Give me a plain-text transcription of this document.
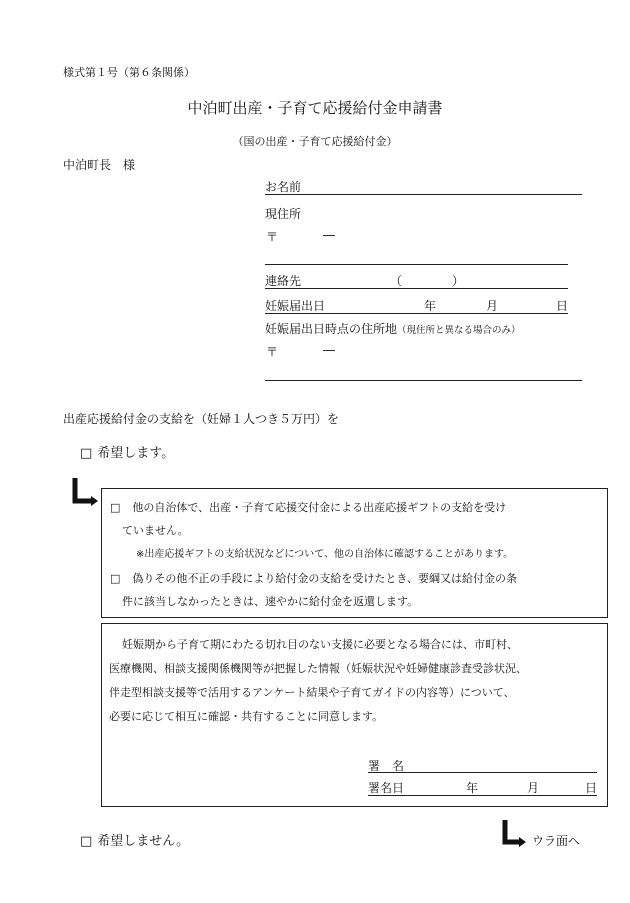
様式第１号（第６条関係）
中泊町出産・子育て応援給付金申請書
（国の出産・子育て応援給付金）
中泊町長　様
お名前
現住所
〒	―
連絡先	（	）
妊娠届出日	年	月	日
妊娠届出日時点の住所地（現住所と異なる場合のみ）
〒	―
出産応援給付金の支給を（妊婦１人つき５万円）を
□ 希望します。
□ 他の自治体で、出産・子育て応援交付金による出産応援ギフトの支給を受け
ていません。
※出産応援ギフトの支給状況などについて、他の自治体に確認することがあります。
□ 偽りその他不正の手段により給付金の支給を受けたとき、要綱又は給付金の条
件に該当しなかったときは、速やかに給付金を返還します。
妊娠期から子育て期にわたる切れ目のない支援に必要となる場合には、市町村、
医療機関、相談支援関係機関等が把握した情報（妊娠状況や妊婦健康診査受診状況、
伴走型相談支援等で活用するアンケート結果や子育てガイドの内容等）について、
必要に応じて相互に確認・共有することに同意します。
署　名
署名日	年	月	日
□ 希望しません。	ウラ面へ
